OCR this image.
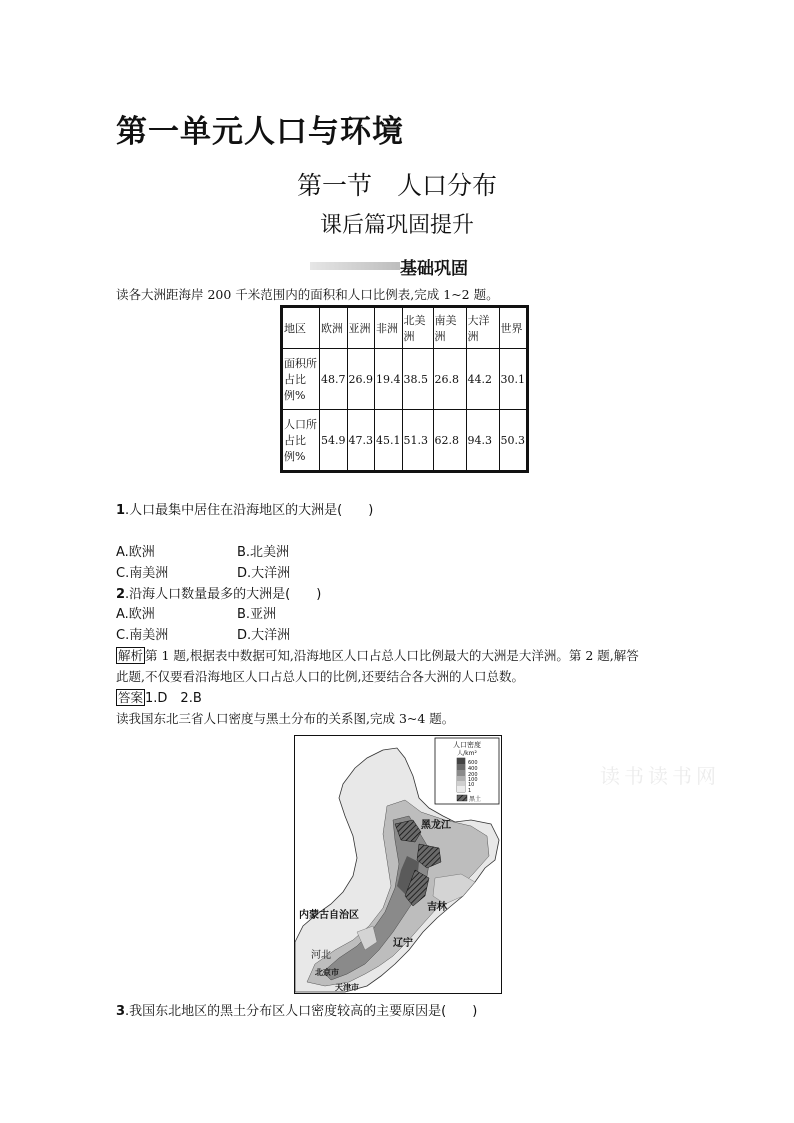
第一单元人口与环境
第一节　人口分布
课后篇巩固提升
基础巩固
读各大洲距海岸 200 千米范围内的面积和人口比例表,完成 1~2 题。
地区	欧洲	亚洲	非洲	北美洲	南美洲	大洋洲	世界
面积所占比例%	48.7	26.9	19.4	38.5	26.8	44.2	30.1
人口所占比例%	54.9	47.3	45.1	51.3	62.8	94.3	50.3
1.人口最集中居住在沿海地区的大洲是(　　)
A.欧洲	B.北美洲
C.南美洲	D.大洋洲
2.沿海人口数量最多的大洲是(　　)
A.欧洲	B.亚洲
C.南美洲	D.大洋洲
解析 第 1 题,根据表中数据可知,沿海地区人口占总人口比例最大的大洲是大洋洲。第 2 题,解答
此题,不仅要看沿海地区人口占总人口的比例,还要结合各大洲的人口总数。
答案 1.D　2.B
读我国东北三省人口密度与黑土分布的关系图,完成 3~4 题。
人口密度
人/km²
600
400
200
100
10
1
黑土
黑龙江
吉林
内蒙古自治区
辽宁
河北
北京市
天津市
读书读书网
3.我国东北地区的黑土分布区人口密度较高的主要原因是(　　)
